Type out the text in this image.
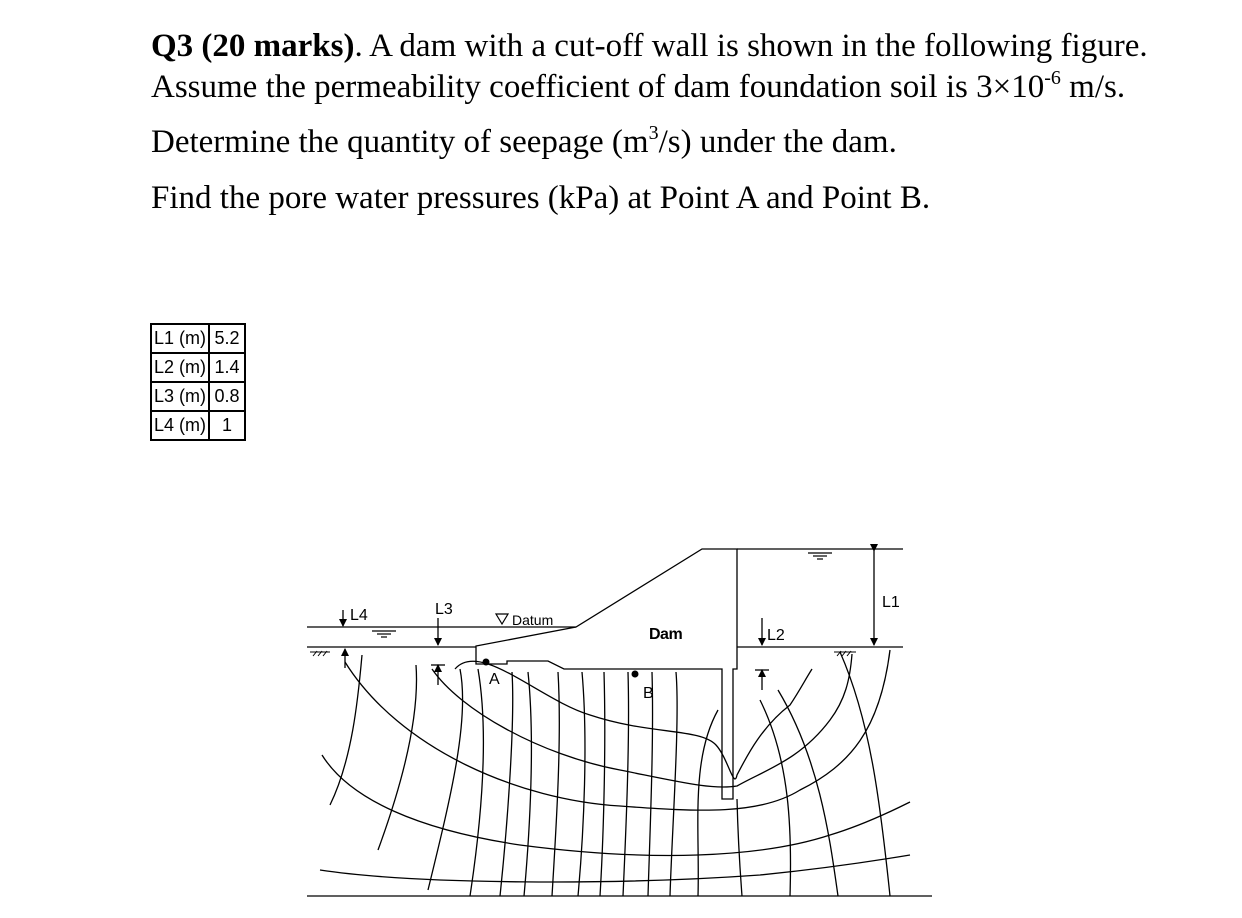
Q3 (20 marks). A dam with a cut-off wall is shown in the following figure. Assume the permeability coefficient of dam foundation soil is $3\times 10^{-6}$ m/s.

Determine the quantity of seepage $(m^3/s)$ under the dam.

Find the pore water pressures (kPa) at Point A and Point B.

L1 (m)	5.2
L2 (m)	1.4
L3 (m)	0.8
L4 (m)	1
Dam
Datum
L1
L2
L3
L4
A
B
